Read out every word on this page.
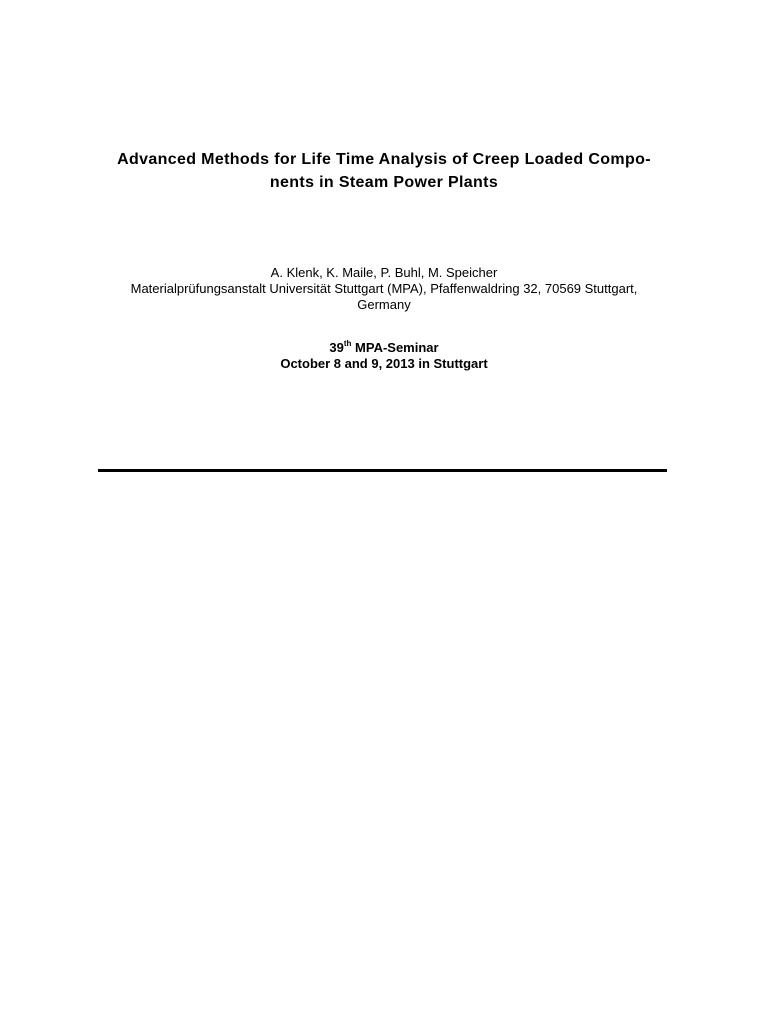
Advanced Methods for Life Time Analysis of Creep Loaded Compo-
nents in Steam Power Plants
A. Klenk, K. Maile, P. Buhl, M. Speicher
Materialprüfungsanstalt Universität Stuttgart (MPA), Pfaffenwaldring 32, 70569 Stuttgart,
Germany
39th MPA-Seminar
October 8 and 9, 2013 in Stuttgart
